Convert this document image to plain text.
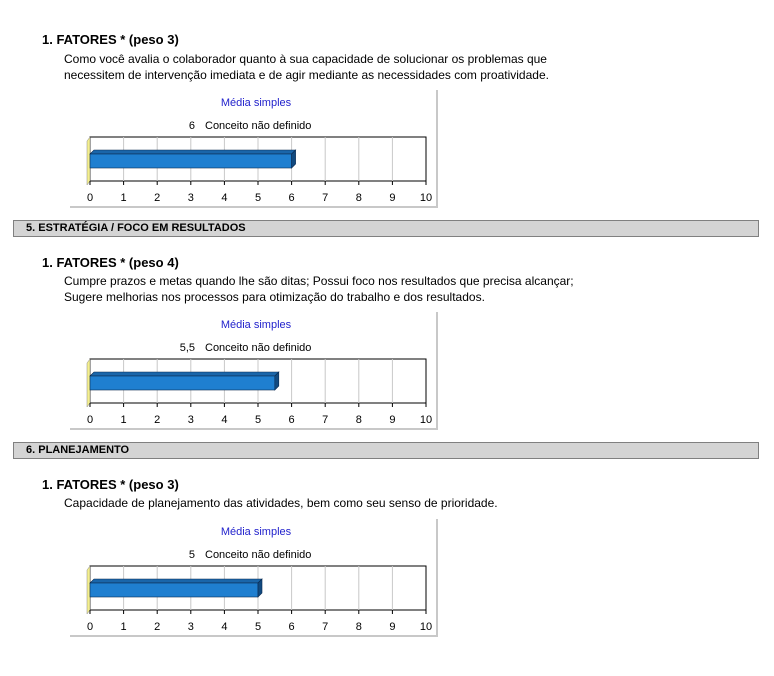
1. FATORES * (peso 3)
Como você avalia o colaborador quanto à sua capacidade de solucionar os problemas que
necessitem de intervenção imediata e de agir mediante as necessidades com proatividade.
Média simples
6 Conceito não definido
0 1 2 3 4 5 6 7 8 9 10
5. ESTRATÉGIA / FOCO EM RESULTADOS
1. FATORES * (peso 4)
Cumpre prazos e metas quando lhe são ditas; Possui foco nos resultados que precisa alcançar;
Sugere melhorias nos processos para otimização do trabalho e dos resultados.
Média simples
5,5 Conceito não definido
0 1 2 3 4 5 6 7 8 9 10
6. PLANEJAMENTO
1. FATORES * (peso 3)
Capacidade de planejamento das atividades, bem como seu senso de prioridade.
Média simples
5 Conceito não definido
0 1 2 3 4 5 6 7 8 9 10
